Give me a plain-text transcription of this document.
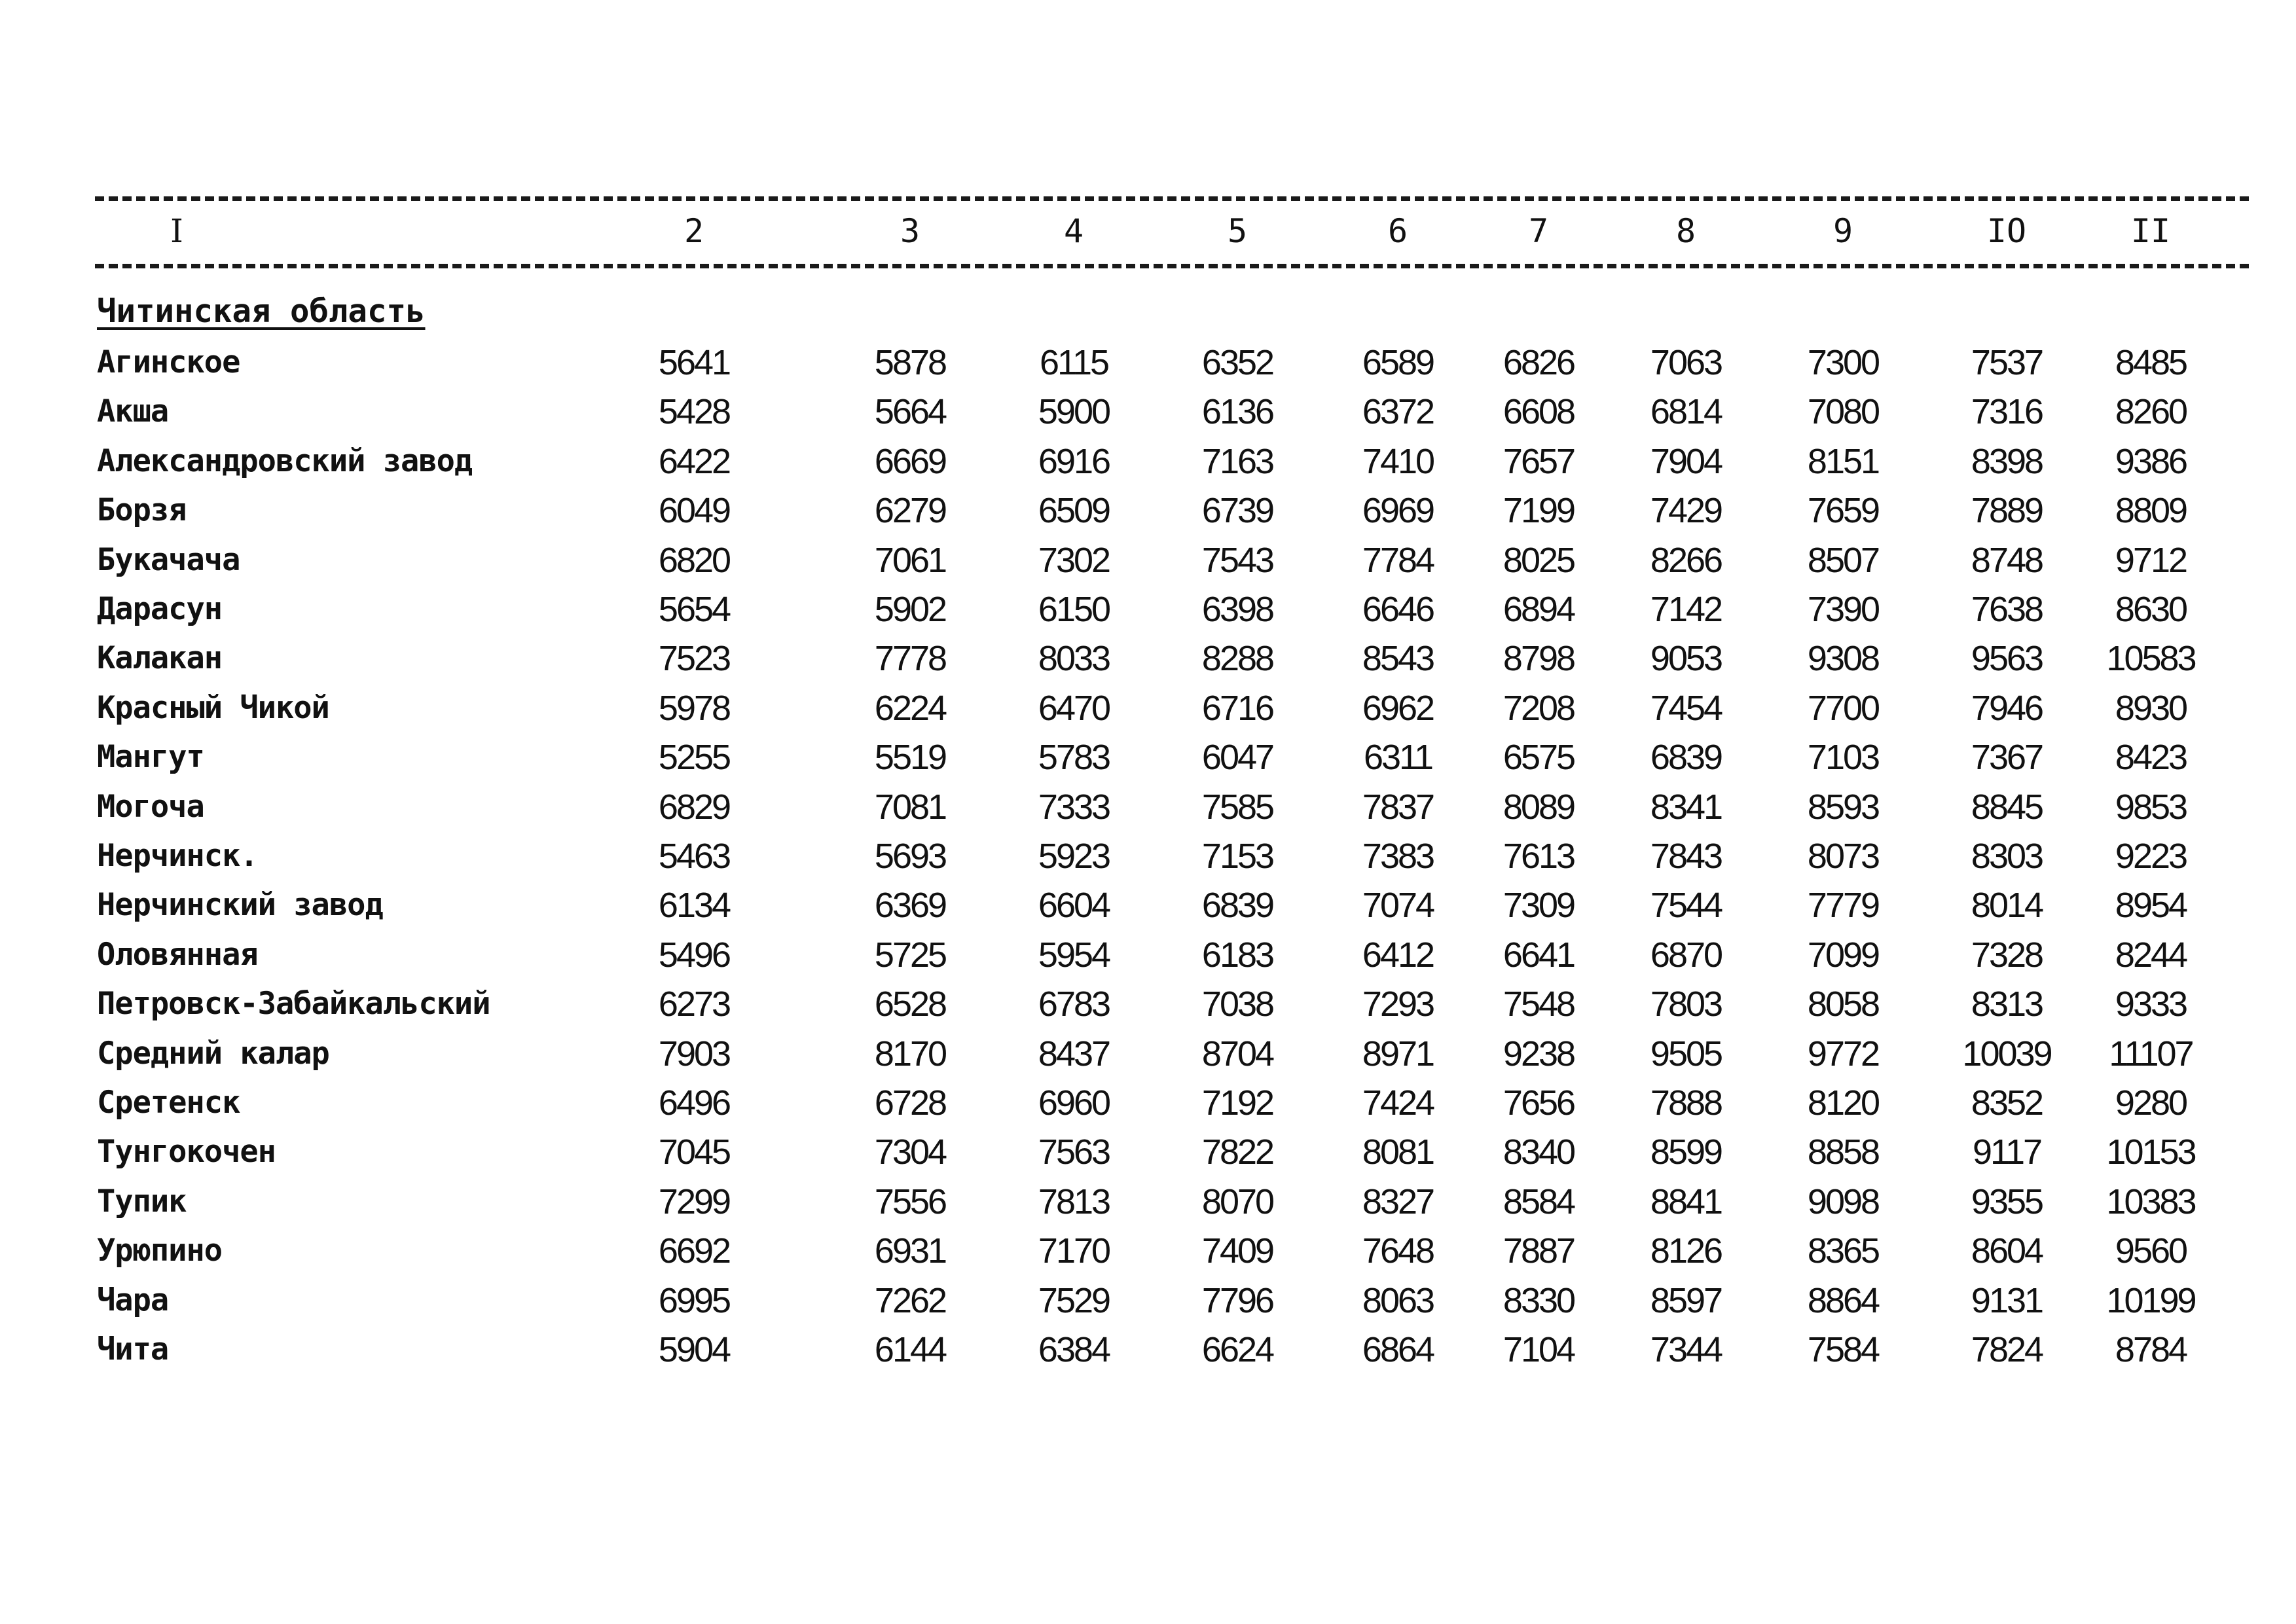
I	2	3	4	5	6	7	8	9	IO	II
Читинская область
Агинское	5641	5878	6115	6352	6589	6826	7063	7300	7537	8485
Акша	5428	5664	5900	6136	6372	6608	6814	7080	7316	8260
Александровский завод	6422	6669	6916	7163	7410	7657	7904	8151	8398	9386
Борзя	6049	6279	6509	6739	6969	7199	7429	7659	7889	8809
Букачача	6820	7061	7302	7543	7784	8025	8266	8507	8748	9712
Дарасун	5654	5902	6150	6398	6646	6894	7142	7390	7638	8630
Калакан	7523	7778	8033	8288	8543	8798	9053	9308	9563	10583
Красный Чикой	5978	6224	6470	6716	6962	7208	7454	7700	7946	8930
Мангут	5255	5519	5783	6047	6311	6575	6839	7103	7367	8423
Могоча	6829	7081	7333	7585	7837	8089	8341	8593	8845	9853
Нерчинск.	5463	5693	5923	7153	7383	7613	7843	8073	8303	9223
Нерчинский завод	6134	6369	6604	6839	7074	7309	7544	7779	8014	8954
Оловянная	5496	5725	5954	6183	6412	6641	6870	7099	7328	8244
Петровск-Забайкальский	6273	6528	6783	7038	7293	7548	7803	8058	8313	9333
Средний калар	7903	8170	8437	8704	8971	9238	9505	9772	10039	11107
Сретенск	6496	6728	6960	7192	7424	7656	7888	8120	8352	9280
Тунгокочен	7045	7304	7563	7822	8081	8340	8599	8858	9117	10153
Тупик	7299	7556	7813	8070	8327	8584	8841	9098	9355	10383
Урюпино	6692	6931	7170	7409	7648	7887	8126	8365	8604	9560
Чара	6995	7262	7529	7796	8063	8330	8597	8864	9131	10199
Чита	5904	6144	6384	6624	6864	7104	7344	7584	7824	8784
